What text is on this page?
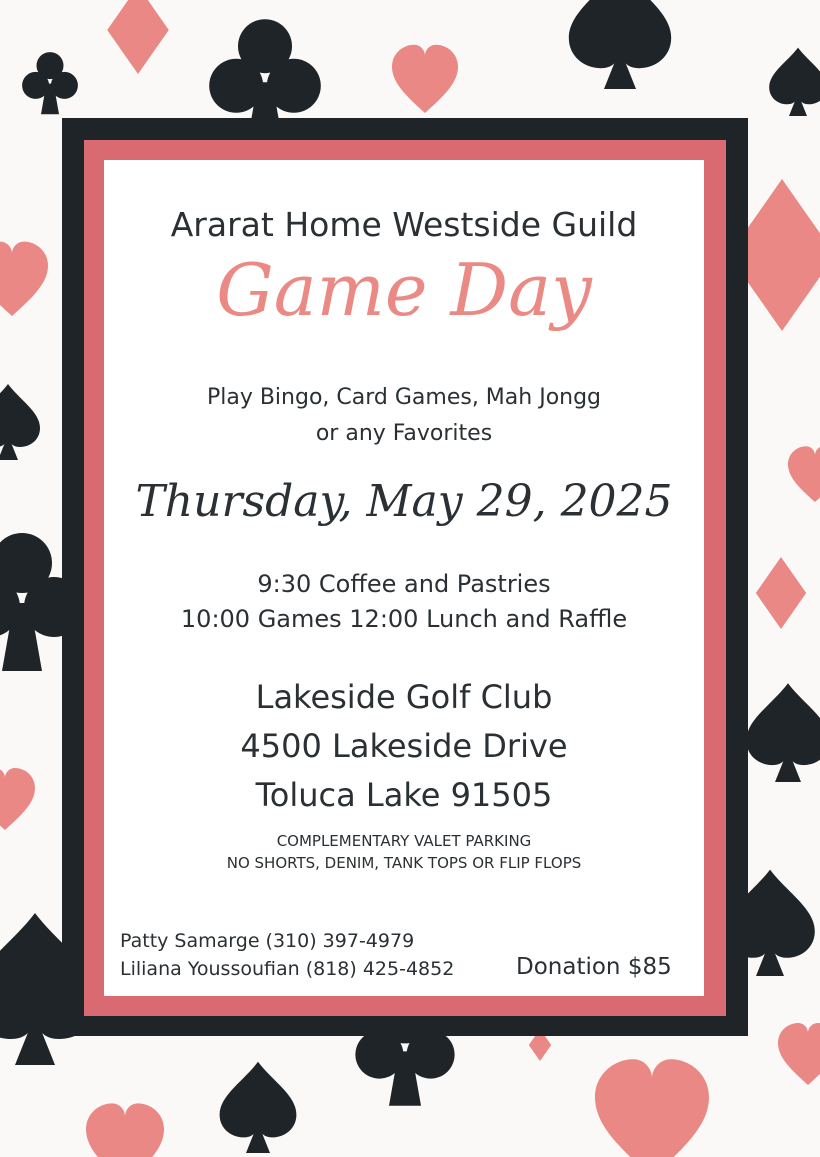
Ararat Home Westside Guild
Game Day
Play Bingo, Card Games, Mah Jongg
or any Favorites
Thursday, May 29, 2025
9:30 Coffee and Pastries
10:00 Games 12:00 Lunch and Raffle
Lakeside Golf Club
4500 Lakeside Drive
Toluca Lake 91505
COMPLEMENTARY VALET PARKING
NO SHORTS, DENIM, TANK TOPS OR FLIP FLOPS
Patty Samarge (310) 397-4979
Liliana Youssoufian (818) 425-4852	Donation $85
